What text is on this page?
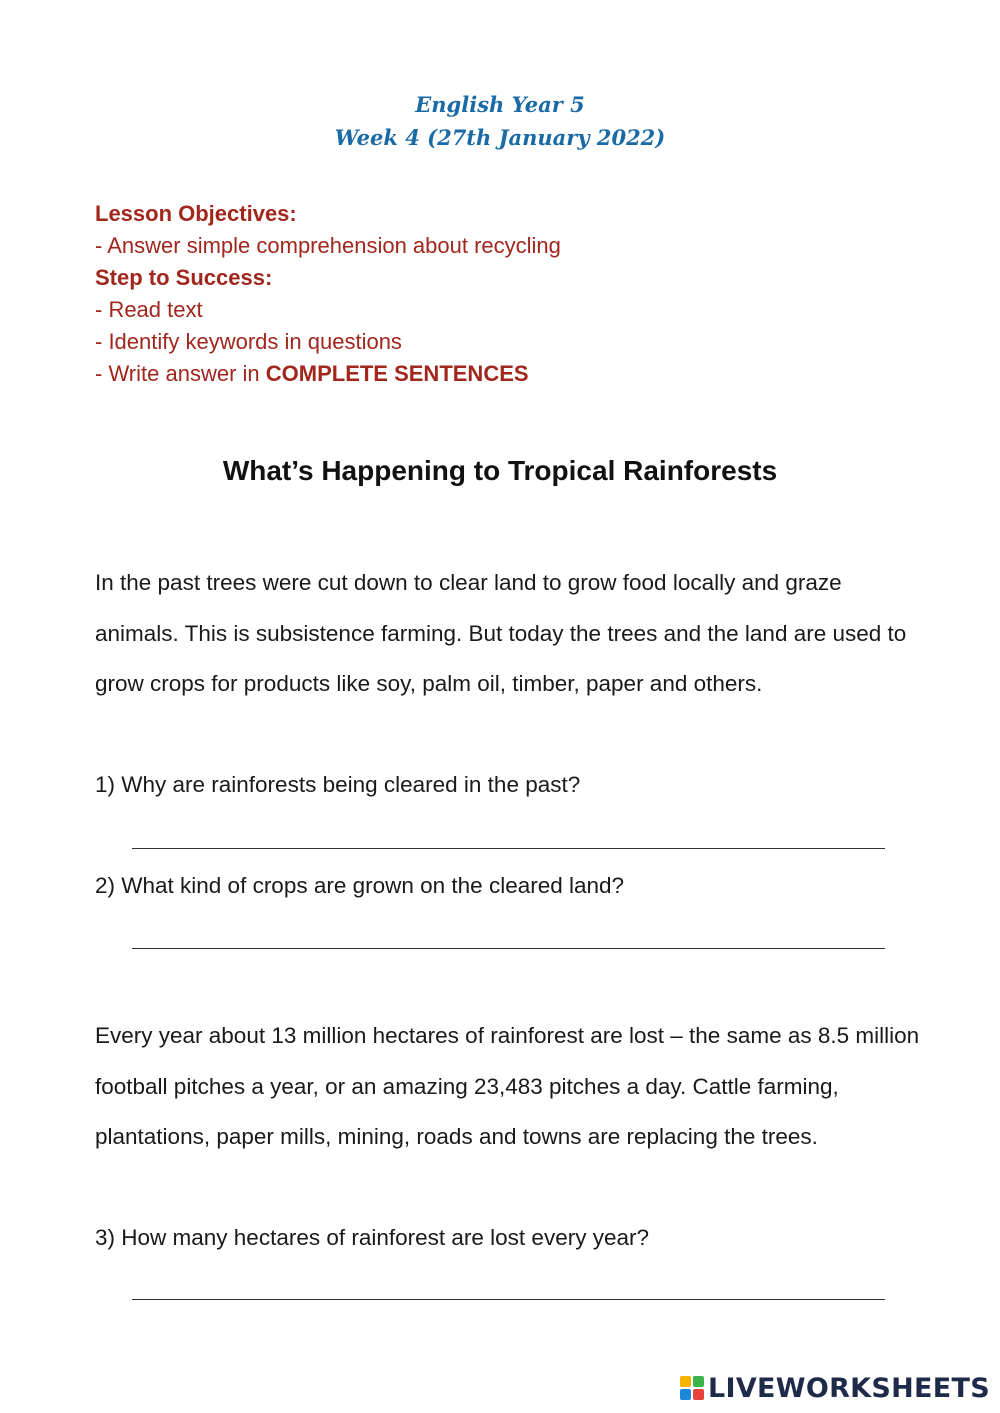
English Year 5
Week 4 (27th January 2022)
Lesson Objectives:
- Answer simple comprehension about recycling
Step to Success:
- Read text
- Identify keywords in questions
- Write answer in COMPLETE SENTENCES
What’s Happening to Tropical Rainforests
In the past trees were cut down to clear land to grow food locally and graze animals. This is subsistence farming. But today the trees and the land are used to grow crops for products like soy, palm oil, timber, paper and others.
1) Why are rainforests being cleared in the past?
2) What kind of crops are grown on the cleared land?
Every year about 13 million hectares of rainforest are lost – the same as 8.5 million football pitches a year, or an amazing 23,483 pitches a day. Cattle farming, plantations, paper mills, mining, roads and towns are replacing the trees.
3) How many hectares of rainforest are lost every year?
LIVEWORKSHEETS
